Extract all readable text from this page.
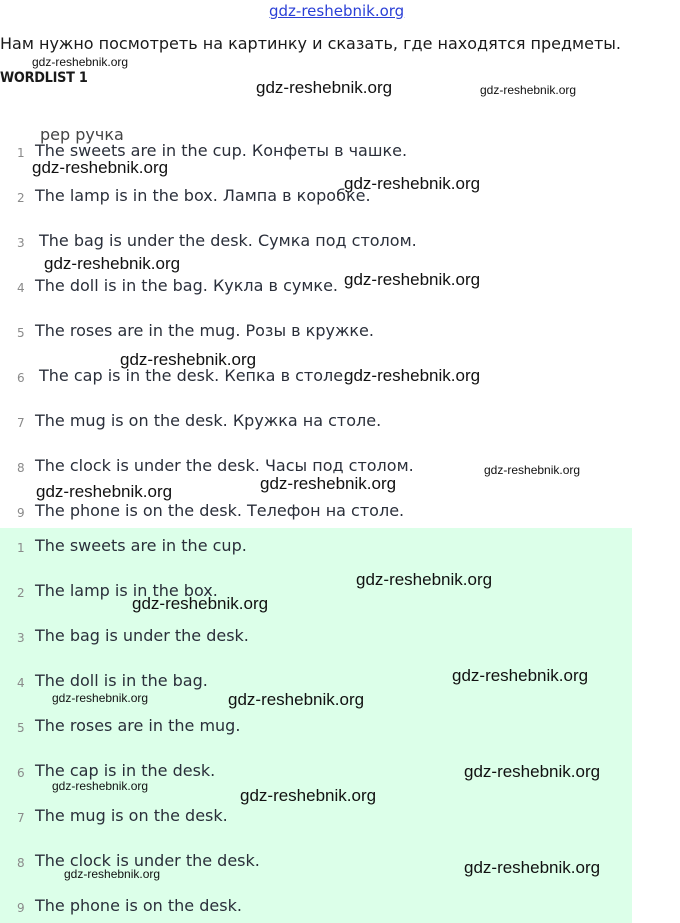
gdz-reshebnik.org
Нам нужно посмотреть на картинку и сказать, где находятся предметы.
WORDLIST 1
рер ручка
1 The sweets are in the cup. Конфеты в чашке.
2 The lamp is in the box. Лампа в коробке.
3 The bag is under the desk. Сумка под столом.
4 The doll is in the bag. Кукла в сумке.
5 The roses are in the mug. Розы в кружке.
6 The cap is in the desk. Кепка в столе.
7 The mug is on the desk. Кружка на столе.
8 The clock is under the desk. Часы под столом.
9 The phone is on the desk. Телефон на столе.
1 The sweets are in the cup.
2 The lamp is in the box.
3 The bag is under the desk.
4 The doll is in the bag.
5 The roses are in the mug.
6 The cap is in the desk.
7 The mug is on the desk.
8 The clock is under the desk.
9 The phone is on the desk.
gdz-reshebnik.org
gdz-reshebnik.org	gdz-reshebnik.org
gdz-reshebnik.org
gdz-reshebnik.org
gdz-reshebnik.org
gdz-reshebnik.org
gdz-reshebnik.org
gdz-reshebnik.org
gdz-reshebnik.org
gdz-reshebnik.org
gdz-reshebnik.org
gdz-reshebnik.org
gdz-reshebnik.org
gdz-reshebnik.org
gdz-reshebnik.org	gdz-reshebnik.org
gdz-reshebnik.org
gdz-reshebnik.org	gdz-reshebnik.org
gdz-reshebnik.org	gdz-reshebnik.org
